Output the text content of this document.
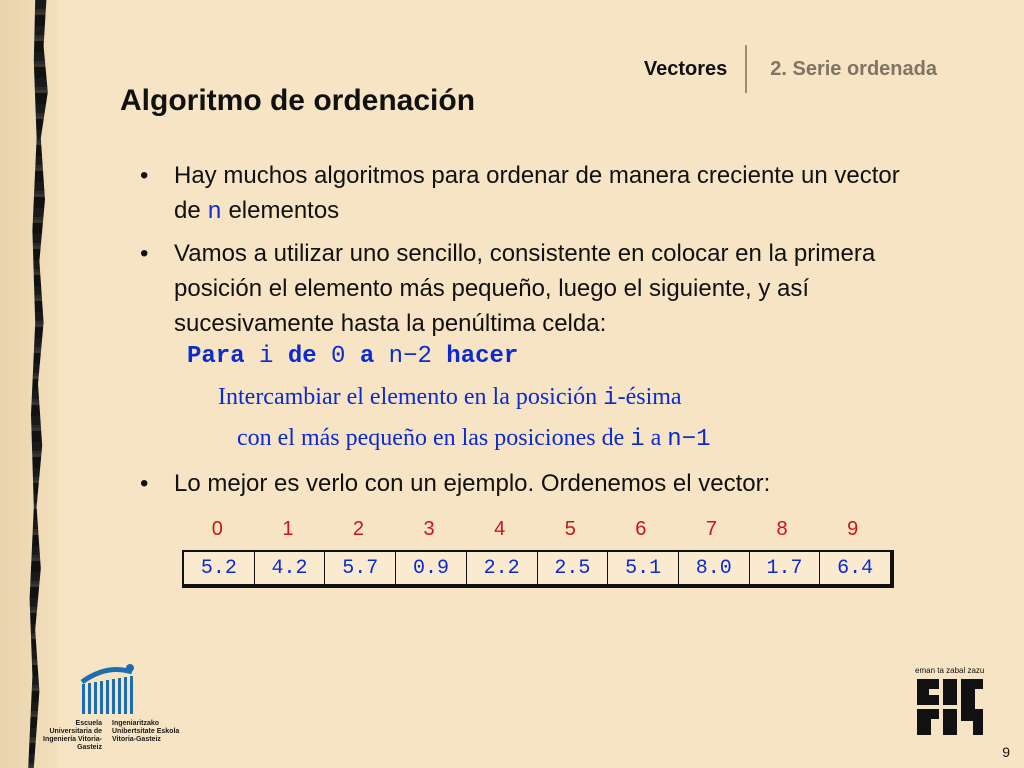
Vectores 2. Serie ordenada
Algoritmo de ordenación
• Hay muchos algoritmos para ordenar de manera creciente un vector de n elementos
• Vamos a utilizar uno sencillo, consistente en colocar en la primera posición el elemento más pequeño, luego el siguiente, y así sucesivamente hasta la penúltima celda:
Para i de 0 a n−2 hacer
Intercambiar el elemento en la posición i-ésima
con el más pequeño en las posiciones de i a n−1
• Lo mejor es verlo con un ejemplo. Ordenemos el vector:
0	1	2	3	4	5	6	7	8	9
5.2	4.2	5.7	0.9	2.2	2.5	5.1	8.0	1.7	6.4
Escuela Universitaria de Ingeniería Vitoria-Gasteiz
Ingeniaritzako Unibertsitate Eskola Vitoria-Gasteiz
eman ta zabal zazu
9
